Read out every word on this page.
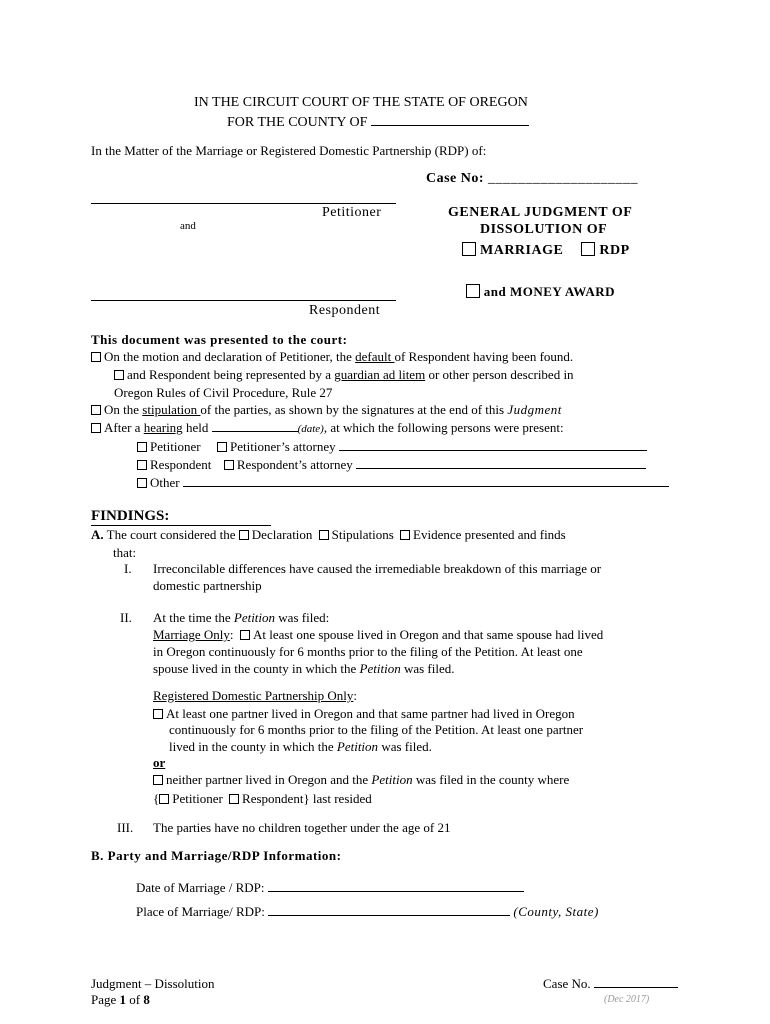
IN THE CIRCUIT COURT OF THE STATE OF OREGON
FOR THE COUNTY OF
In the Matter of the Marriage or Registered Domestic Partnership (RDP) of:
Case No: ____________________
Petitioner
and
GENERAL JUDGMENT OF
DISSOLUTION OF
MARRIAGE	RDP
and MONEY AWARD
Respondent
This document was presented to the court:
On the motion and declaration of Petitioner, the default of Respondent having been found.
and Respondent being represented by a guardian ad litem or other person described in
Oregon Rules of Civil Procedure, Rule 27
On the stipulation of the parties, as shown by the signatures at the end of this Judgment
After a hearing held	(date), at which the following persons were present:
Petitioner Petitioner’s attorney
Respondent Respondent’s attorney
Other
FINDINGS:
A. The court considered the Declaration Stipulations Evidence presented and finds
that:
I. Irreconcilable differences have caused the irremediable breakdown of this marriage or
domestic partnership
II. At the time the Petition was filed:
Marriage Only:  At least one spouse lived in Oregon and that same spouse had lived
in Oregon continuously for 6 months prior to the filing of the Petition. At least one
spouse lived in the county in which the Petition was filed.
Registered Domestic Partnership Only:
At least one partner lived in Oregon and that same partner had lived in Oregon
continuously for 6 months prior to the filing of the Petition. At least one partner
lived in the county in which the Petition was filed.
or
neither partner lived in Oregon and the Petition was filed in the county where
{ Petitioner Respondent} last resided
III. The parties have no children together under the age of 21
B. Party and Marriage/RDP Information:
Date of Marriage / RDP:
Place of Marriage/ RDP:	(County, State)
Judgment – Dissolution
Page 1 of 8
Case No.
(Dec 2017)
